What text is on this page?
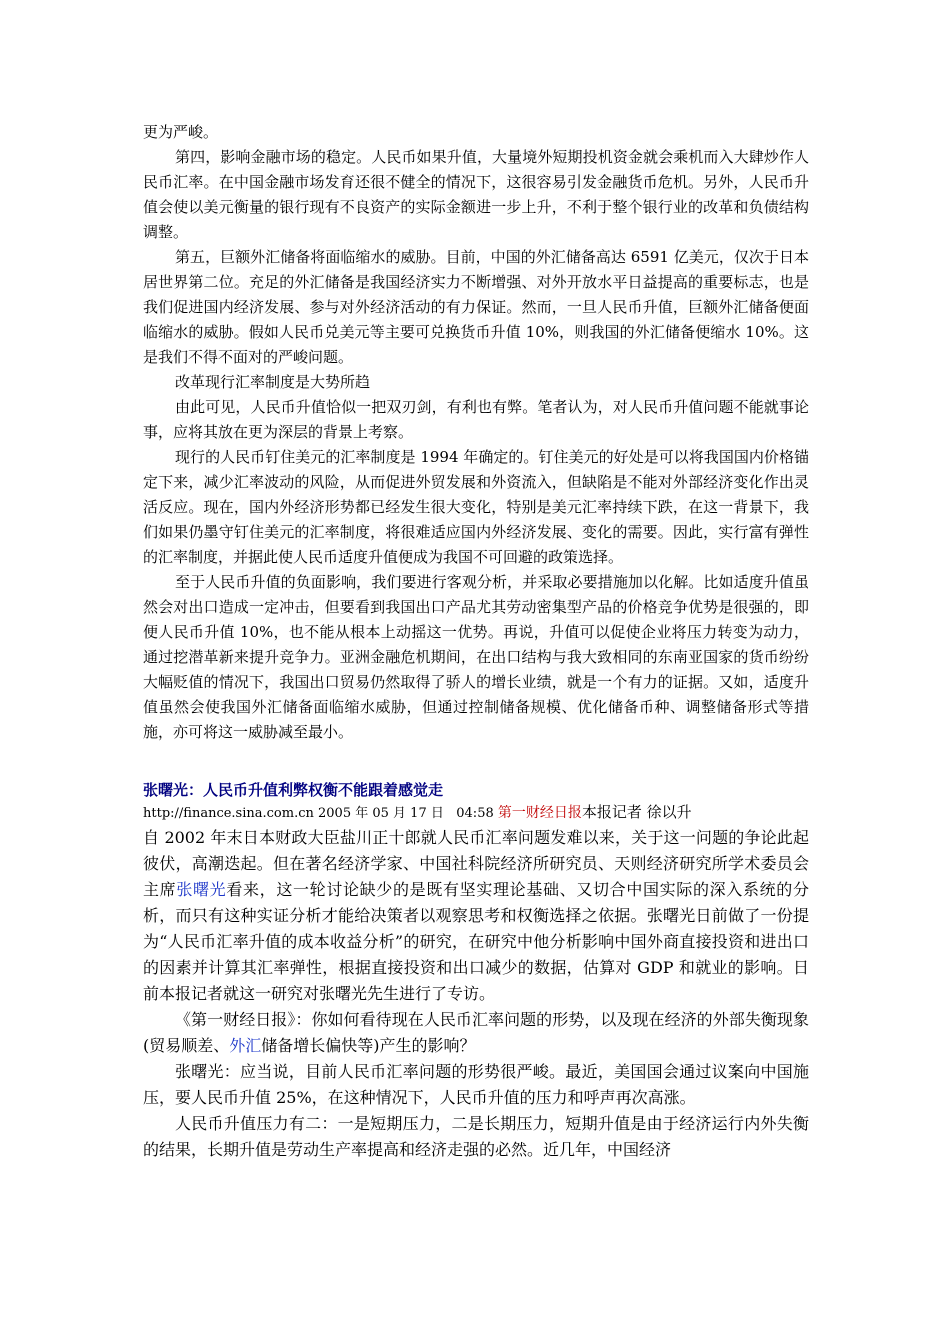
更为严峻。

第四，影响金融市场的稳定。人民币如果升值，大量境外短期投机资金就会乘机而入大肆炒作人民币汇率。在中国金融市场发育还很不健全的情况下，这很容易引发金融货币危机。另外，人民币升值会使以美元衡量的银行现有不良资产的实际金额进一步上升，不利于整个银行业的改革和负债结构调整。

第五，巨额外汇储备将面临缩水的威胁。目前，中国的外汇储备高达 6591 亿美元，仅次于日本居世界第二位。充足的外汇储备是我国经济实力不断增强、对外开放水平日益提高的重要标志，也是我们促进国内经济发展、参与对外经济活动的有力保证。然而，一旦人民币升值，巨额外汇储备便面临缩水的威胁。假如人民币兑美元等主要可兑换货币升值 10%，则我国的外汇储备便缩水 10%。这是我们不得不面对的严峻问题。

改革现行汇率制度是大势所趋

由此可见，人民币升值恰似一把双刃剑，有利也有弊。笔者认为，对人民币升值问题不能就事论事，应将其放在更为深层的背景上考察。

现行的人民币钉住美元的汇率制度是 1994 年确定的。钉住美元的好处是可以将我国国内价格锚定下来，减少汇率波动的风险，从而促进外贸发展和外资流入，但缺陷是不能对外部经济变化作出灵活反应。现在，国内外经济形势都已经发生很大变化，特别是美元汇率持续下跌，在这一背景下，我们如果仍墨守钉住美元的汇率制度，将很难适应国内外经济发展、变化的需要。因此，实行富有弹性的汇率制度，并据此使人民币适度升值便成为我国不可回避的政策选择。

至于人民币升值的负面影响，我们要进行客观分析，并采取必要措施加以化解。比如适度升值虽然会对出口造成一定冲击，但要看到我国出口产品尤其劳动密集型产品的价格竞争优势是很强的，即便人民币升值 10%，也不能从根本上动摇这一优势。再说，升值可以促使企业将压力转变为动力，通过挖潜革新来提升竞争力。亚洲金融危机期间，在出口结构与我大致相同的东南亚国家的货币纷纷大幅贬值的情况下，我国出口贸易仍然取得了骄人的增长业绩，就是一个有力的证据。又如，适度升值虽然会使我国外汇储备面临缩水威胁，但通过控制储备规模、优化储备币种、调整储备形式等措施，亦可将这一威胁减至最小。

张曙光：人民币升值利弊权衡不能跟着感觉走

http://finance.sina.com.cn 2005 年 05 月 17 日 04:58 第一财经日报本报记者 徐以升

自 2002 年末日本财政大臣盐川正十郎就人民币汇率问题发难以来，关于这一问题的争论此起彼伏，高潮迭起。但在著名经济学家、中国社科院经济所研究员、天则经济研究所学术委员会主席张曙光看来，这一轮讨论缺少的是既有坚实理论基础、又切合中国实际的深入系统的分析，而只有这种实证分析才能给决策者以观察思考和权衡选择之依据。张曙光日前做了一份提为“人民币汇率升值的成本收益分析”的研究，在研究中他分析影响中国外商直接投资和进出口的因素并计算其汇率弹性，根据直接投资和出口减少的数据，估算对 GDP 和就业的影响。日前本报记者就这一研究对张曙光先生进行了专访。

《第一财经日报》：你如何看待现在人民币汇率问题的形势，以及现在经济的外部失衡现象(贸易顺差、外汇储备增长偏快等)产生的影响？

张曙光：应当说，目前人民币汇率问题的形势很严峻。最近，美国国会通过议案向中国施压，要人民币升值 25%，在这种情况下，人民币升值的压力和呼声再次高涨。

人民币升值压力有二：一是短期压力，二是长期压力，短期升值是由于经济运行内外失衡的结果，长期升值是劳动生产率提高和经济走强的必然。近几年，中国经济
